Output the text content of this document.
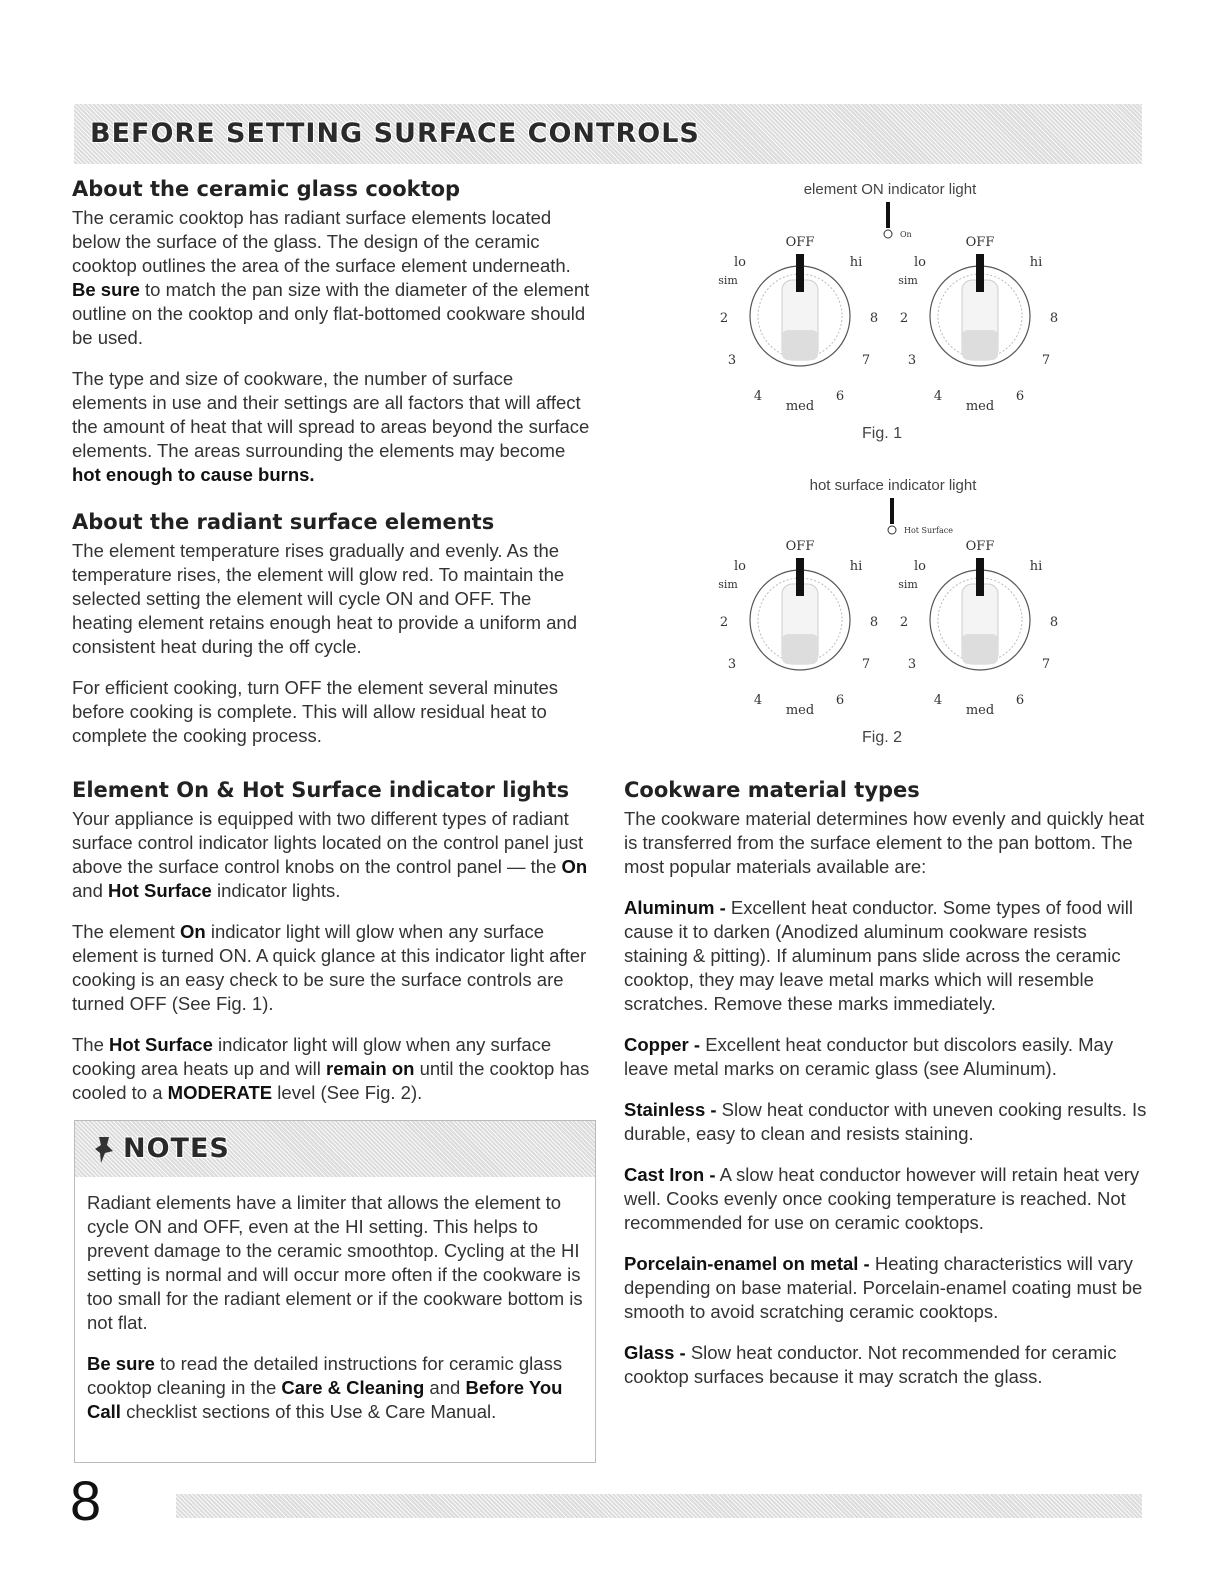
BEFORE SETTING SURFACE CONTROLS
About the ceramic glass cooktop

The ceramic cooktop has radiant surface elements located below the surface of the glass. The design of the ceramic cooktop outlines the area of the surface element underneath. Be sure to match the pan size with the diameter of the element outline on the cooktop and only flat-bottomed cookware should be used.

The type and size of cookware, the number of surface elements in use and their settings are all factors that will affect the amount of heat that will spread to areas beyond the surface elements. The areas surrounding the elements may become hot enough to cause burns.

About the radiant surface elements

The element temperature rises gradually and evenly. As the temperature rises, the element will glow red. To maintain the selected setting the element will cycle ON and OFF. The heating element retains enough heat to provide a uniform and consistent heat during the off cycle.

For efficient cooking, turn OFF the element several minutes before cooking is complete. This will allow residual heat to complete the cooking process.

Element On & Hot Surface indicator lights

Your appliance is equipped with two different types of radiant surface control indicator lights located on the control panel just above the surface control knobs on the control panel — the On and Hot Surface indicator lights.

The element On indicator light will glow when any surface element is turned ON. A quick glance at this indicator light after cooking is an easy check to be sure the surface controls are turned OFF (See Fig. 1).

The Hot Surface indicator light will glow when any surface cooking area heats up and will remain on until the cooktop has cooled to a MODERATE level (See Fig. 2).

NOTES

Radiant elements have a limiter that allows the element to cycle ON and OFF, even at the HI setting. This helps to prevent damage to the ceramic smoothtop. Cycling at the HI setting is normal and will occur more often if the cookware is too small for the radiant element or if the cookware bottom is not flat.

Be sure to read the detailed instructions for ceramic glass cooktop cleaning in the Care & Cleaning and Before You Call checklist sections of this Use & Care Manual.

Cookware material types

The cookware material determines how evenly and quickly heat is transferred from the surface element to the pan bottom. The most popular materials available are:

Aluminum - Excellent heat conductor. Some types of food will cause it to darken (Anodized aluminum cookware resists staining & pitting). If aluminum pans slide across the ceramic cooktop, they may leave metal marks which will resemble scratches. Remove these marks immediately.

Copper - Excellent heat conductor but discolors easily. May leave metal marks on ceramic glass (see Aluminum).

Stainless - Slow heat conductor with uneven cooking results. Is durable, easy to clean and resists staining.

Cast Iron - A slow heat conductor however will retain heat very well. Cooks evenly once cooking temperature is reached. Not recommended for use on ceramic cooktops.

Porcelain-enamel on metal - Heating characteristics will vary depending on base material. Porcelain-enamel coating must be smooth to avoid scratching ceramic cooktops.

Glass - Slow heat conductor. Not recommended for ceramic cooktop surfaces because it may scratch the glass.

element ON indicator light
On
OFF
lo	hi
sim
2	8
3	7
4	6
med
OFF
lo	hi
sim
2	8
3	7
4	6
med
Fig. 1
hot surface indicator light
Hot Surface
OFF
lo	hi
sim
2	8
3	7
4	6
med
OFF
lo	hi
sim
2	8
3	7
4	6
med
Fig. 2
8
